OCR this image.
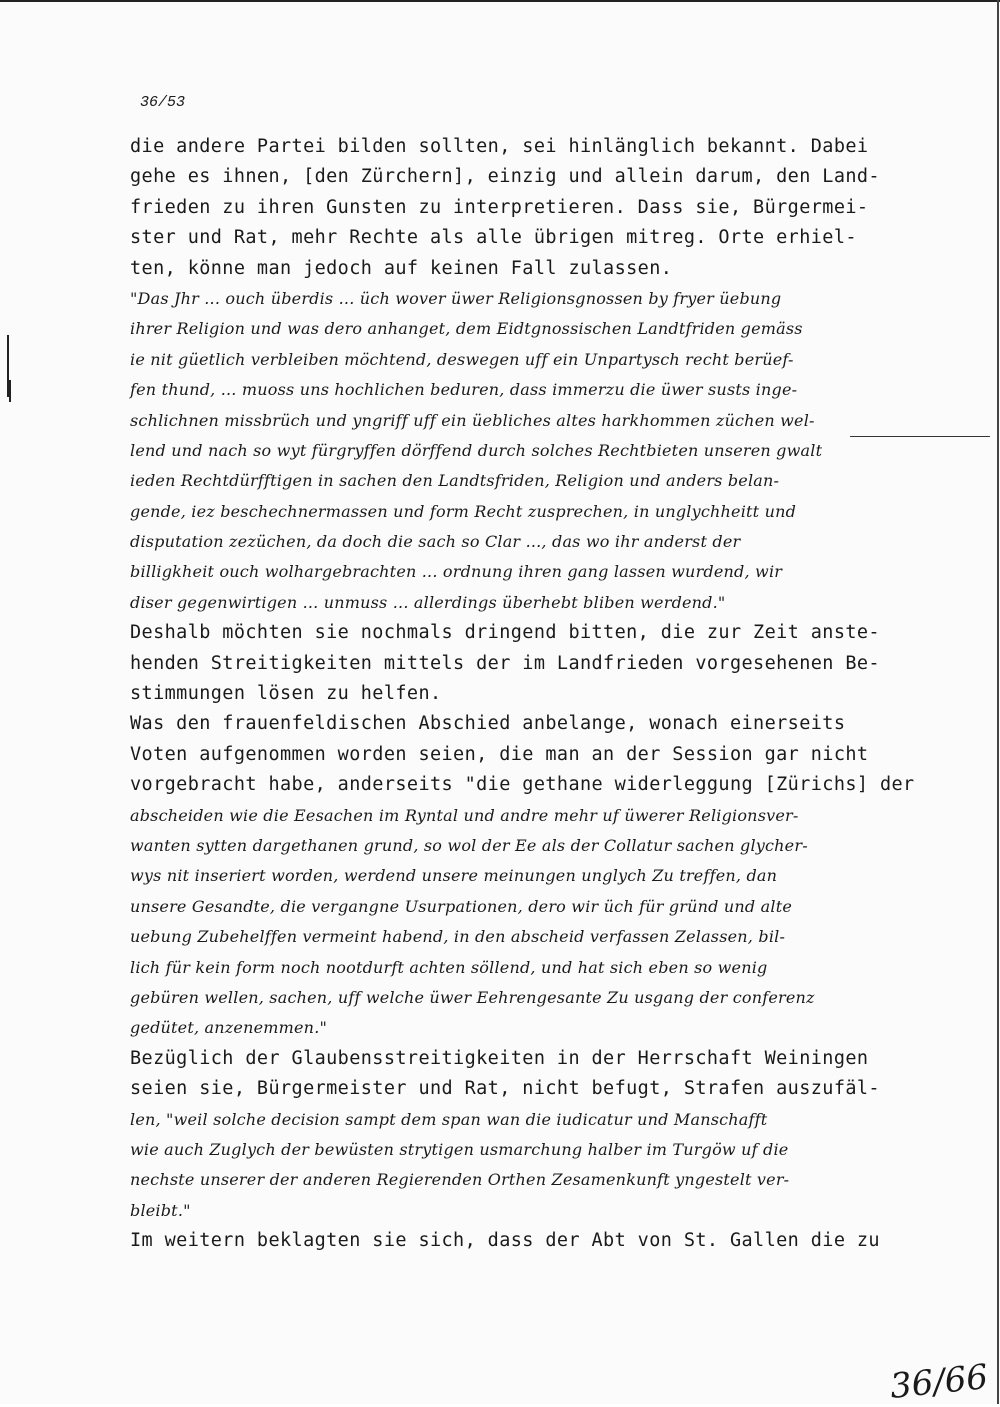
36/53
die andere Partei bilden sollten, sei hinlänglich bekannt. Dabei
gehe es ihnen, [den Zürchern], einzig und allein darum, den Land-
frieden zu ihren Gunsten zu interpretieren. Dass sie, Bürgermei-
ster und Rat, mehr Rechte als alle übrigen mitreg. Orte erhiel-
ten, könne man jedoch auf keinen Fall zulassen.
"Das Jhr ... ouch überdis ... üch wover üwer Religionsgnossen by fryer üebung
ihrer Religion und was dero anhanget, dem Eidtgnossischen Landtfriden gemäss
ie nit güetlich verbleiben möchtend, deswegen uff ein Unpartysch recht berüef-
fen thund, ... muoss uns hochlichen beduren, dass immerzu die üwer susts inge-
schlichnen missbrüch und yngriff uff ein üebliches altes harkhommen züchen wel-
lend und nach so wyt fürgryffen dörffend durch solches Rechtbieten unseren gwalt
ieden Rechtdürfftigen in sachen den Landtsfriden, Religion und anders belan-
gende, iez beschechnermassen und form Recht zusprechen, in unglychheitt und
disputation zezüchen, da doch die sach so Clar ..., das wo ihr anderst der
billigkheit ouch wolhargebrachten ... ordnung ihren gang lassen wurdend, wir
diser gegenwirtigen ... unmuss ... allerdings überhebt bliben werdend."
Deshalb möchten sie nochmals dringend bitten, die zur Zeit anste-
henden Streitigkeiten mittels der im Landfrieden vorgesehenen Be-
stimmungen lösen zu helfen.
Was den frauenfeldischen Abschied anbelange, wonach einerseits
Voten aufgenommen worden seien, die man an der Session gar nicht
vorgebracht habe, anderseits "die gethane widerleggung [Zürichs] der
abscheiden wie die Eesachen im Ryntal und andre mehr uf üwerer Religionsver-
wanten sytten dargethanen grund, so wol der Ee als der Collatur sachen glycher-
wys nit inseriert worden, werdend unsere meinungen unglych Zu treffen, dan
unsere Gesandte, die vergangne Usurpationen, dero wir üch für gründ und alte
uebung Zubehelffen vermeint habend, in den abscheid verfassen Zelassen, bil-
lich für kein form noch nootdurft achten söllend, und hat sich eben so wenig
gebüren wellen, sachen, uff welche üwer Eehrengesante Zu usgang der conferenz
gedütet, anzenemmen."
Bezüglich der Glaubensstreitigkeiten in der Herrschaft Weiningen
seien sie, Bürgermeister und Rat, nicht befugt, Strafen auszufäl-
len, "weil solche decision sampt dem span wan die iudicatur und Manschafft
wie auch Zuglych der bewüsten strytigen usmarchung halber im Turgöw uf die
nechste unserer der anderen Regierenden Orthen Zesamenkunft yngestelt ver-
bleibt."
Im weitern beklagten sie sich, dass der Abt von St. Gallen die zu
36/66
